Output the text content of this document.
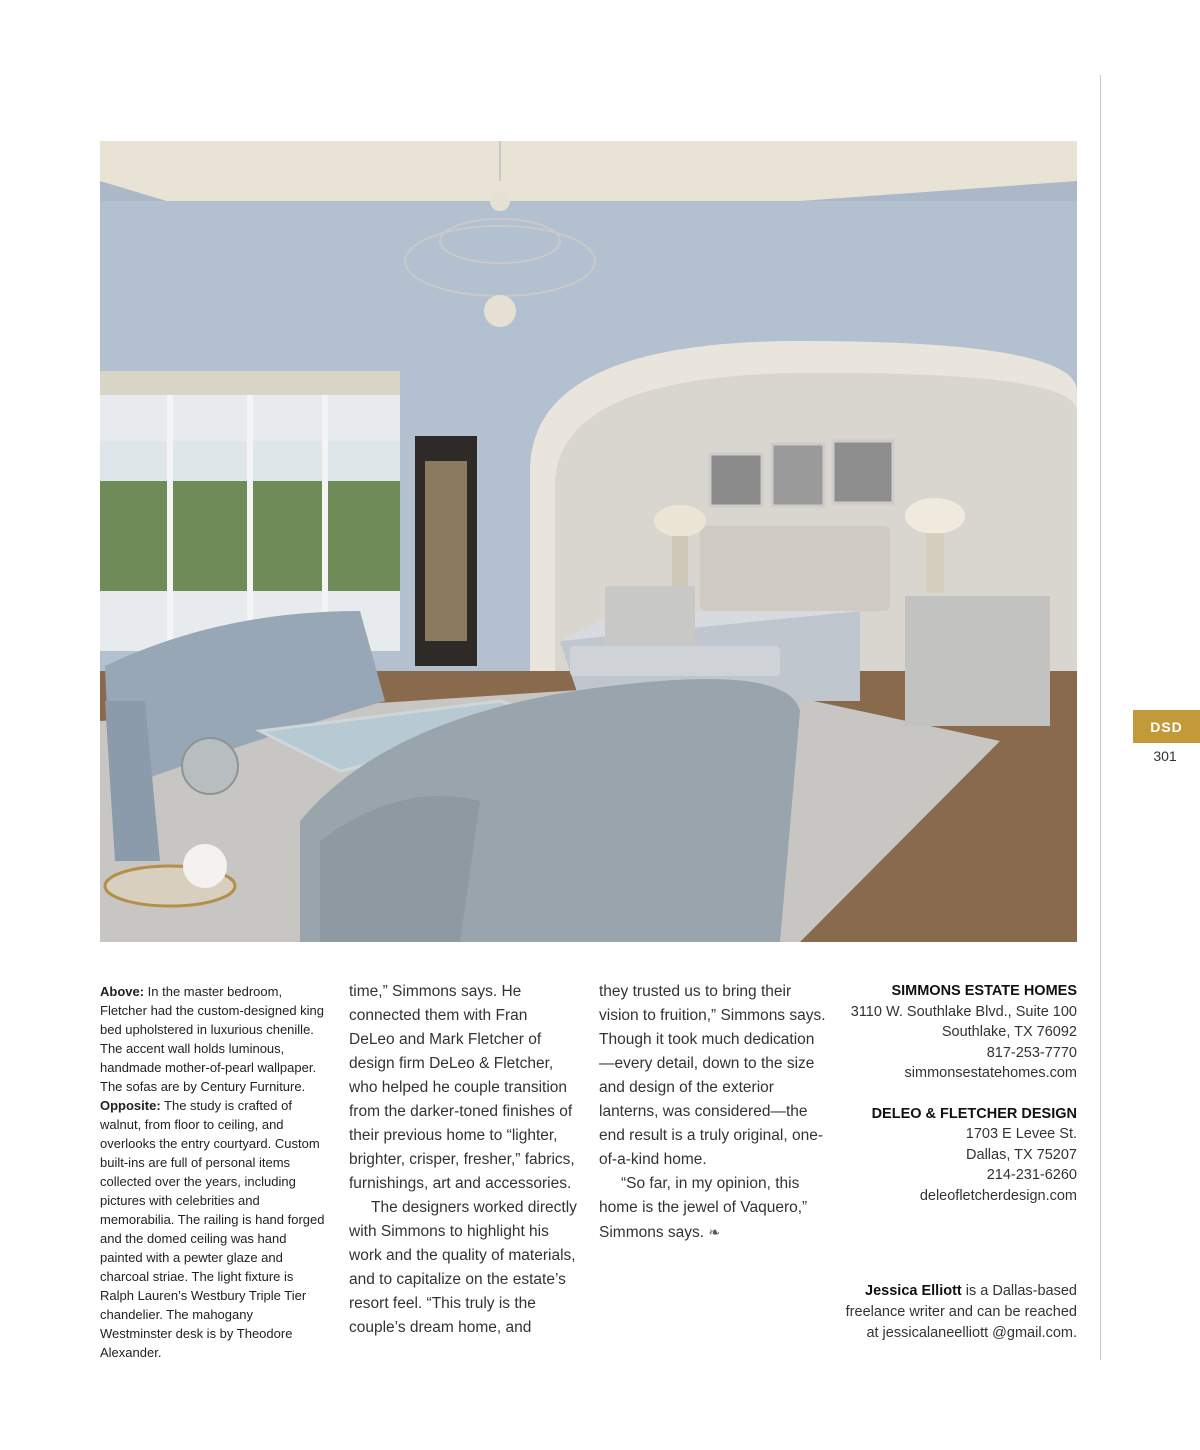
DSD
301
Above: In the master bedroom, Fletcher had the custom-designed king bed upholstered in luxurious chenille. The accent wall holds luminous, handmade mother-of-pearl wallpaper. The sofas are by Century Furniture. Opposite: The study is crafted of walnut, from floor to ceiling, and overlooks the entry courtyard. Custom built-ins are full of personal items collected over the years, including pictures with celebrities and memorabilia. The railing is hand forged and the domed ceiling was hand painted with a pewter glaze and charcoal striae. The light fixture is Ralph Lauren’s Westbury Triple Tier chandelier. The mahogany Westminster desk is by Theodore Alexander.

time,” Simmons says. He connected them with Fran DeLeo and Mark Fletcher of design firm DeLeo & Fletcher, who helped he couple transition from the darker-toned finishes of their previous home to “lighter, brighter, crisper, fresher,” fabrics, furnishings, art and accessories.

The designers worked directly with Simmons to highlight his work and the quality of materials, and to capitalize on the estate’s resort feel. “This truly is the couple’s dream home, and

they trusted us to bring their vision to fruition,” Simmons says. Though it took much dedication—every detail, down to the size and design of the exterior lanterns, was considered—the end result is a truly original, one-of-a-kind home.

“So far, in my opinion, this home is the jewel of Vaquero,” Simmons says. ❧

SIMMONS ESTATE HOMES
3110 W. Southlake Blvd., Suite 100
Southlake, TX 76092
817-253-7770
simmonsestatehomes.com
DELEO & FLETCHER DESIGN
1703 E Levee St.
Dallas, TX 75207
214-231-6260
deleofletcherdesign.com
Jessica Elliott is a Dallas-based freelance writer and can be reached at jessicalaneelliott @gmail.com.
